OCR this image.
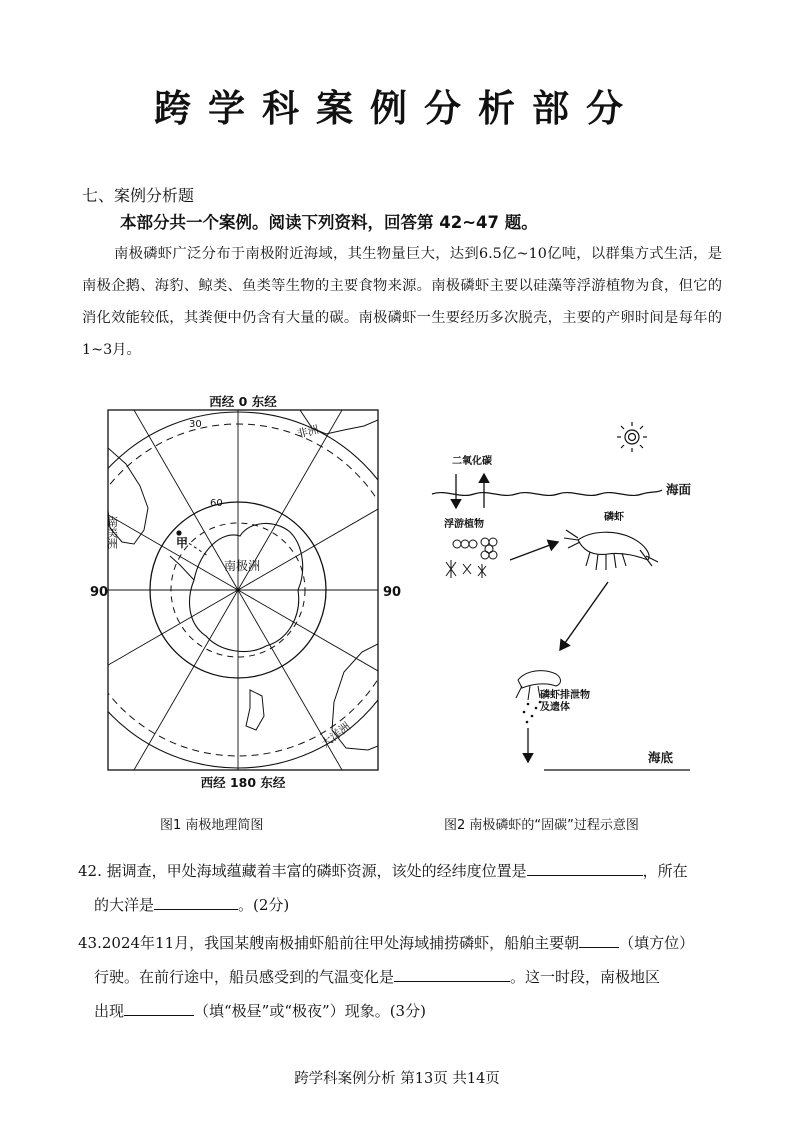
跨学科案例分析部分
七、案例分析题
本部分共一个案例。阅读下列资料，回答第 42~47 题。
南极磷虾广泛分布于南极附近海域，其生物量巨大，达到6.5亿~10亿吨，以群集方式生活，是南极企鹅、海豹、鲸类、鱼类等生物的主要食物来源。南极磷虾主要以硅藻等浮游植物为食，但它的消化效能较低，其粪便中仍含有大量的碳。南极磷虾一生要经历多次脱壳，主要的产卵时间是每年的1~3月。
西经 0 东经
西经 180 东经
90	90
30
60
非洲
南美洲
南极洲
大洋洲
甲
二氧化碳
海面
浮游植物
磷虾
磷虾排泄物
及遗体
海底
图1 南极地理简图	图2 南极磷虾的“固碳”过程示意图
42. 据调查，甲处海域蕴藏着丰富的磷虾资源，该处的经纬度位置是	，所在
的大洋是	。(2分)
43.2024年11月，我国某艘南极捕虾船前往甲处海域捕捞磷虾，船舶主要朝	（填方位）
行驶。在前行途中，船员感受到的气温变化是	。这一时段，南极地区
出现	（填“极昼”或“极夜”）现象。(3分)
跨学科案例分析 第13页 共14页
